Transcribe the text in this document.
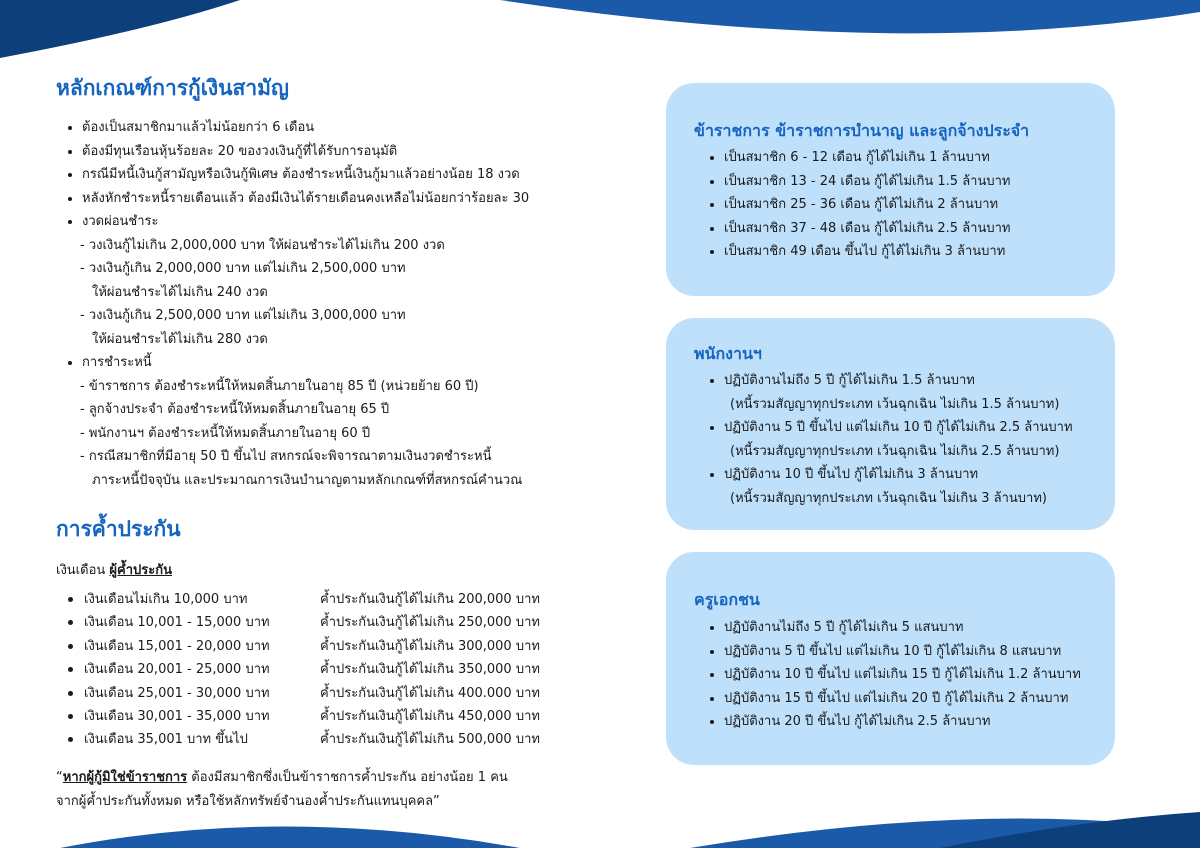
หลักเกณฑ์การกู้เงินสามัญ
• ต้องเป็นสมาชิกมาแล้วไม่น้อยกว่า 6 เดือน
• ต้องมีทุนเรือนหุ้นร้อยละ 20 ของวงเงินกู้ที่ได้รับการอนุมัติ
• กรณีมีหนี้เงินกู้สามัญหรือเงินกู้พิเศษ ต้องชำระหนี้เงินกู้มาแล้วอย่างน้อย 18 งวด
• หลังหักชำระหนี้รายเดือนแล้ว ต้องมีเงินได้รายเดือนคงเหลือไม่น้อยกว่าร้อยละ 30
• งวดผ่อนชำระ
- วงเงินกู้ไม่เกิน 2,000,000 บาท ให้ผ่อนชำระได้ไม่เกิน 200 งวด
- วงเงินกู้เกิน 2,000,000 บาท แต่ไม่เกิน 2,500,000 บาท
ให้ผ่อนชำระได้ไม่เกิน 240 งวด
- วงเงินกู้เกิน 2,500,000 บาท แต่ไม่เกิน 3,000,000 บาท
ให้ผ่อนชำระได้ไม่เกิน 280 งวด
• การชำระหนี้
- ข้าราชการ ต้องชำระหนี้ให้หมดสิ้นภายในอายุ 85 ปี (หน่วยย้าย 60 ปี)
- ลูกจ้างประจำ ต้องชำระหนี้ให้หมดสิ้นภายในอายุ 65 ปี
- พนักงานฯ ต้องชำระหนี้ให้หมดสิ้นภายในอายุ 60 ปี
- กรณีสมาชิกที่มีอายุ 50 ปี ขึ้นไป สหกรณ์จะพิจารณาตามเงินงวดชำระหนี้
ภาระหนี้ปัจจุบัน และประมาณการเงินบำนาญตามหลักเกณฑ์ที่สหกรณ์คำนวณ
การค้ำประกัน
เงินเดือน ผู้ค้ำประกัน
เงินเดือนไม่เกิน 10,000 บาท	ค้ำประกันเงินกู้ได้ไม่เกิน 200,000 บาท
เงินเดือน 10,001 - 15,000 บาท	ค้ำประกันเงินกู้ได้ไม่เกิน 250,000 บาท
เงินเดือน 15,001 - 20,000 บาท	ค้ำประกันเงินกู้ได้ไม่เกิน 300,000 บาท
เงินเดือน 20,001 - 25,000 บาท	ค้ำประกันเงินกู้ได้ไม่เกิน 350,000 บาท
เงินเดือน 25,001 - 30,000 บาท	ค้ำประกันเงินกู้ได้ไม่เกิน 400.000 บาท
เงินเดือน 30,001 - 35,000 บาท	ค้ำประกันเงินกู้ได้ไม่เกิน 450,000 บาท
เงินเดือน 35,001 บาท ขึ้นไป	ค้ำประกันเงินกู้ได้ไม่เกิน 500,000 บาท
“หากผู้กู้มิใช่ข้าราชการ ต้องมีสมาชิกซึ่งเป็นข้าราชการค้ำประกัน อย่างน้อย 1 คน
จากผู้ค้ำประกันทั้งหมด หรือใช้หลักทรัพย์จำนองค้ำประกันแทนบุคคล”
ข้าราชการ ข้าราชการบำนาญ และลูกจ้างประจำ
• เป็นสมาชิก 6 - 12 เดือน กู้ได้ไม่เกิน 1 ล้านบาท
• เป็นสมาชิก 13 - 24 เดือน กู้ได้ไม่เกิน 1.5 ล้านบาท
• เป็นสมาชิก 25 - 36 เดือน กู้ได้ไม่เกิน 2 ล้านบาท
• เป็นสมาชิก 37 - 48 เดือน กู้ได้ไม่เกิน 2.5 ล้านบาท
• เป็นสมาชิก 49 เดือน ขึ้นไป กู้ได้ไม่เกิน 3 ล้านบาท
พนักงานฯ
• ปฏิบัติงานไม่ถึง 5 ปี กู้ได้ไม่เกิน 1.5 ล้านบาท
(หนี้รวมสัญญาทุกประเภท เว้นฉุกเฉิน ไม่เกิน 1.5 ล้านบาท)
• ปฏิบัติงาน 5 ปี ขึ้นไป แต่ไม่เกิน 10 ปี กู้ได้ไม่เกิน 2.5 ล้านบาท
(หนี้รวมสัญญาทุกประเภท เว้นฉุกเฉิน ไม่เกิน 2.5 ล้านบาท)
• ปฏิบัติงาน 10 ปี ขึ้นไป กู้ได้ไม่เกิน 3 ล้านบาท
(หนี้รวมสัญญาทุกประเภท เว้นฉุกเฉิน ไม่เกิน 3 ล้านบาท)
ครูเอกชน
• ปฏิบัติงานไม่ถึง 5 ปี กู้ได้ไม่เกิน 5 แสนบาท
• ปฏิบัติงาน 5 ปี ขึ้นไป แต่ไม่เกิน 10 ปี กู้ได้ไม่เกิน 8 แสนบาท
• ปฏิบัติงาน 10 ปี ขึ้นไป แต่ไม่เกิน 15 ปี กู้ได้ไม่เกิน 1.2 ล้านบาท
• ปฏิบัติงาน 15 ปี ขึ้นไป แต่ไม่เกิน 20 ปี กู้ได้ไม่เกิน 2 ล้านบาท
• ปฏิบัติงาน 20 ปี ขึ้นไป กู้ได้ไม่เกิน 2.5 ล้านบาท
